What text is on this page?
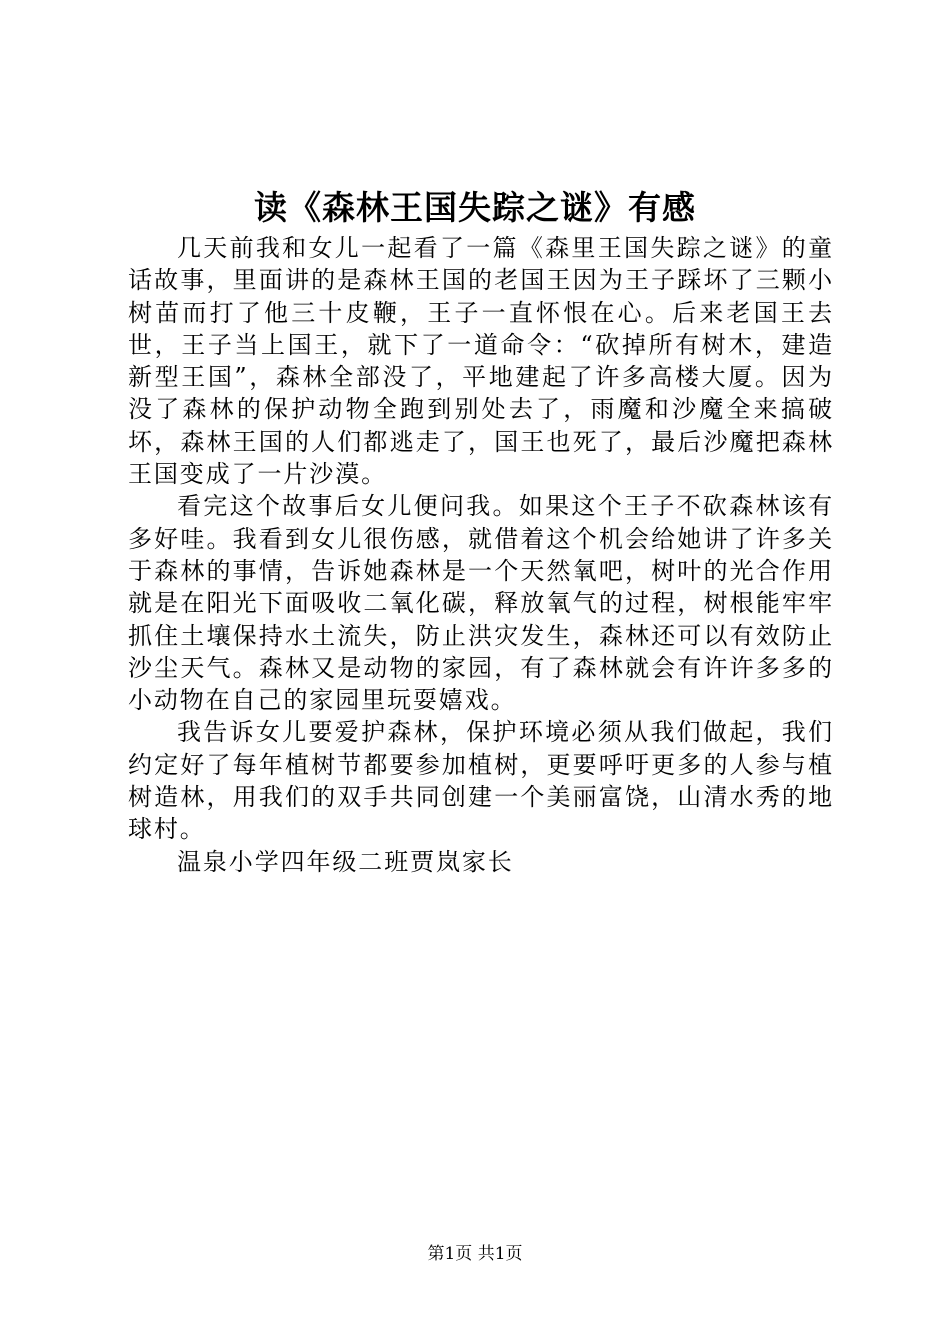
读《森林王国失踪之谜》有感

几天前我和女儿一起看了一篇《森里王国失踪之谜》的童话故事，里面讲的是森林王国的老国王因为王子踩坏了三颗小树苗而打了他三十皮鞭，王子一直怀恨在心。后来老国王去世，王子当上国王，就下了一道命令：“砍掉所有树木，建造新型王国”，森林全部没了，平地建起了许多高楼大厦。因为没了森林的保护动物全跑到别处去了，雨魔和沙魔全来搞破坏，森林王国的人们都逃走了，国王也死了，最后沙魔把森林王国变成了一片沙漠。

看完这个故事后女儿便问我。如果这个王子不砍森林该有多好哇。我看到女儿很伤感，就借着这个机会给她讲了许多关于森林的事情，告诉她森林是一个天然氧吧，树叶的光合作用就是在阳光下面吸收二氧化碳，释放氧气的过程，树根能牢牢抓住土壤保持水土流失，防止洪灾发生，森林还可以有效防止沙尘天气。森林又是动物的家园，有了森林就会有许许多多的小动物在自己的家园里玩耍嬉戏。

我告诉女儿要爱护森林，保护环境必须从我们做起，我们约定好了每年植树节都要参加植树，更要呼吁更多的人参与植树造林，用我们的双手共同创建一个美丽富饶，山清水秀的地球村。

温泉小学四年级二班贾岚家长

第1页 共1页
